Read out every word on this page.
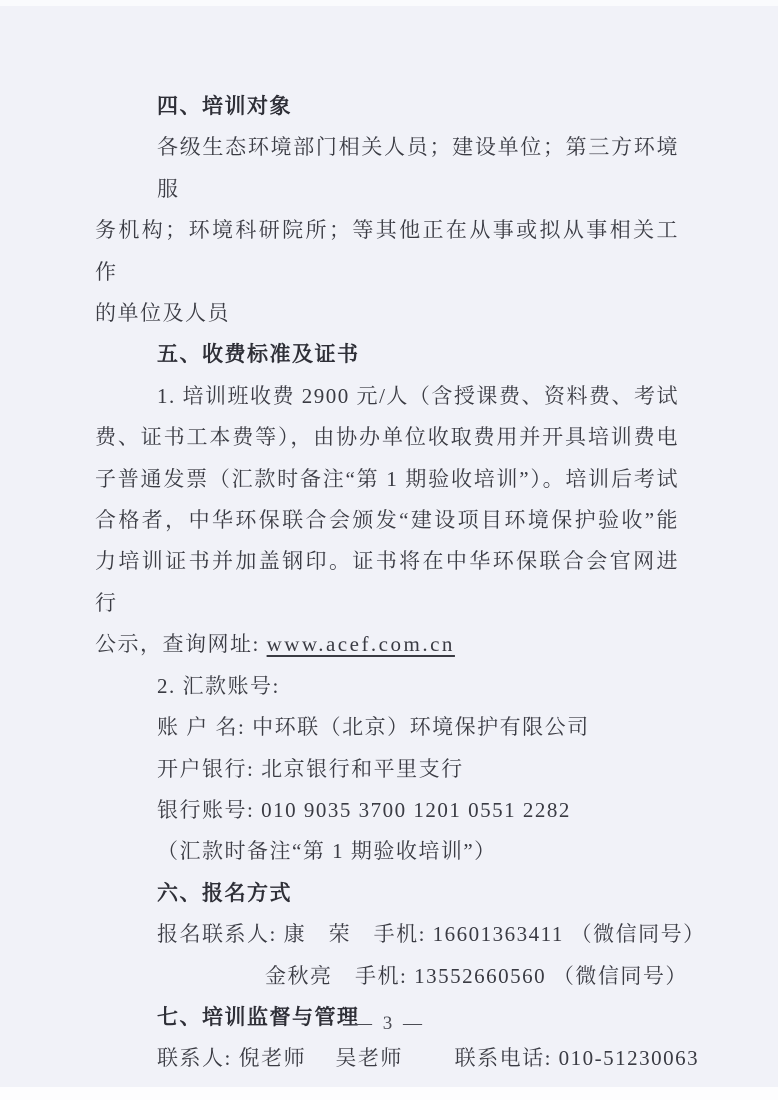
四、培训对象
各级生态环境部门相关人员；建设单位；第三方环境服
务机构；环境科研院所；等其他正在从事或拟从事相关工作
的单位及人员
五、收费标准及证书
1. 培训班收费 2900 元/人（含授课费、资料费、考试
费、证书工本费等），由协办单位收取费用并开具培训费电
子普通发票（汇款时备注“第 1 期验收培训”）。培训后考试
合格者，中华环保联合会颁发“建设项目环境保护验收”能
力培训证书并加盖钢印。证书将在中华环保联合会官网进行
公示，查询网址: www.acef.com.cn
2. 汇款账号:
账 户 名: 中环联（北京）环境保护有限公司
开户银行: 北京银行和平里支行
银行账号: 010 9035 3700 1201 0551 2282
（汇款时备注“第 1 期验收培训”）
六、报名方式
报名联系人: 康　荣　手机: 16601363411 （微信同号）
金秋亮　手机: 13552660560 （微信同号）
七、培训监督与管理
联系人: 倪老师　 吴老师　　 联系电话: 010-51230063
— 3 —
